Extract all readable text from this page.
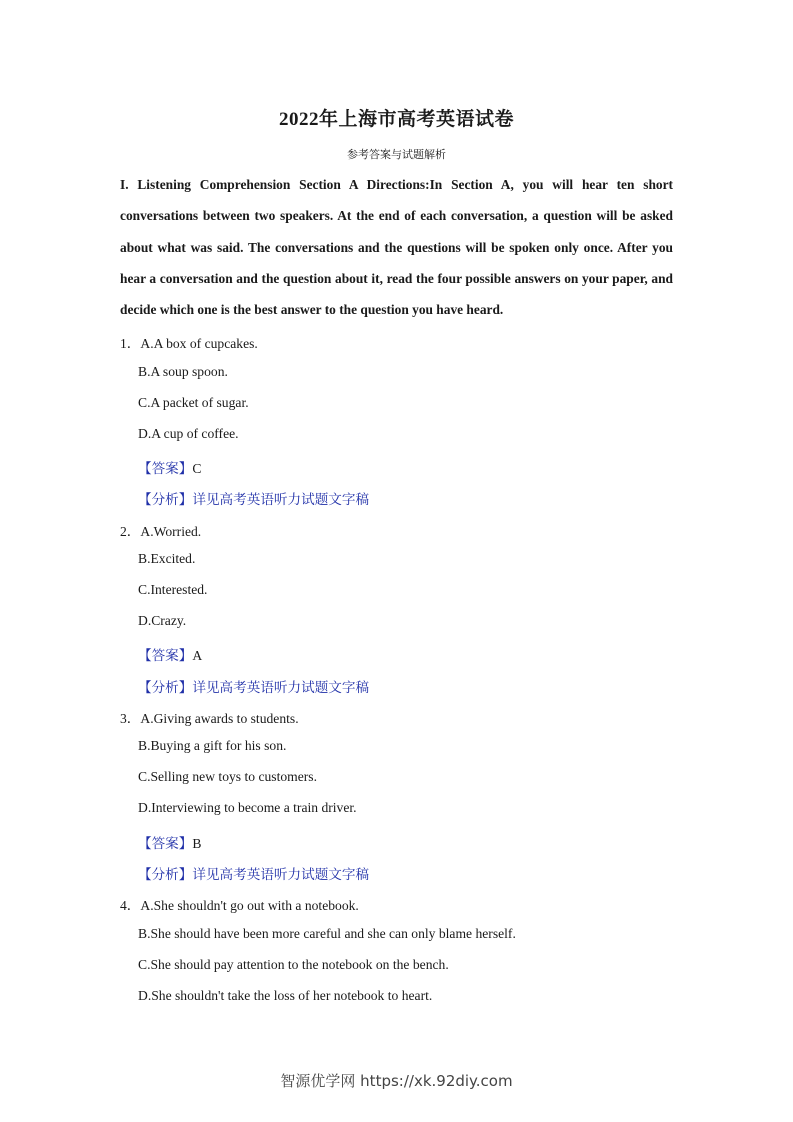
2022年上海市高考英语试卷
参考答案与试题解析

I. Listening Comprehension Section A Directions:In Section A, you will hear ten short conversations between two speakers. At the end of each conversation, a question will be asked about what was said. The conversations and the questions will be spoken only once. After you hear a conversation and the question about it, read the four possible answers on your paper, and decide which one is the best answer to the question you have heard.

1．A.A box of cupcakes.
B.A soup spoon.
C.A packet of sugar.
D.A cup of coffee.
【答案】C
【分析】详见高考英语听力试题文字稿
2．A.Worried.
B.Excited.
C.Interested.
D.Crazy.
【答案】A
【分析】详见高考英语听力试题文字稿
3．A.Giving awards to students.
B.Buying a gift for his son.
C.Selling new toys to customers.
D.Interviewing to become a train driver.
【答案】B
【分析】详见高考英语听力试题文字稿
4．A.She shouldn't go out with a notebook.
B.She should have been more careful and she can only blame herself.
C.She should pay attention to the notebook on the bench.
D.She shouldn't take the loss of her notebook to heart.
智源优学网 https://xk.92diy.com
